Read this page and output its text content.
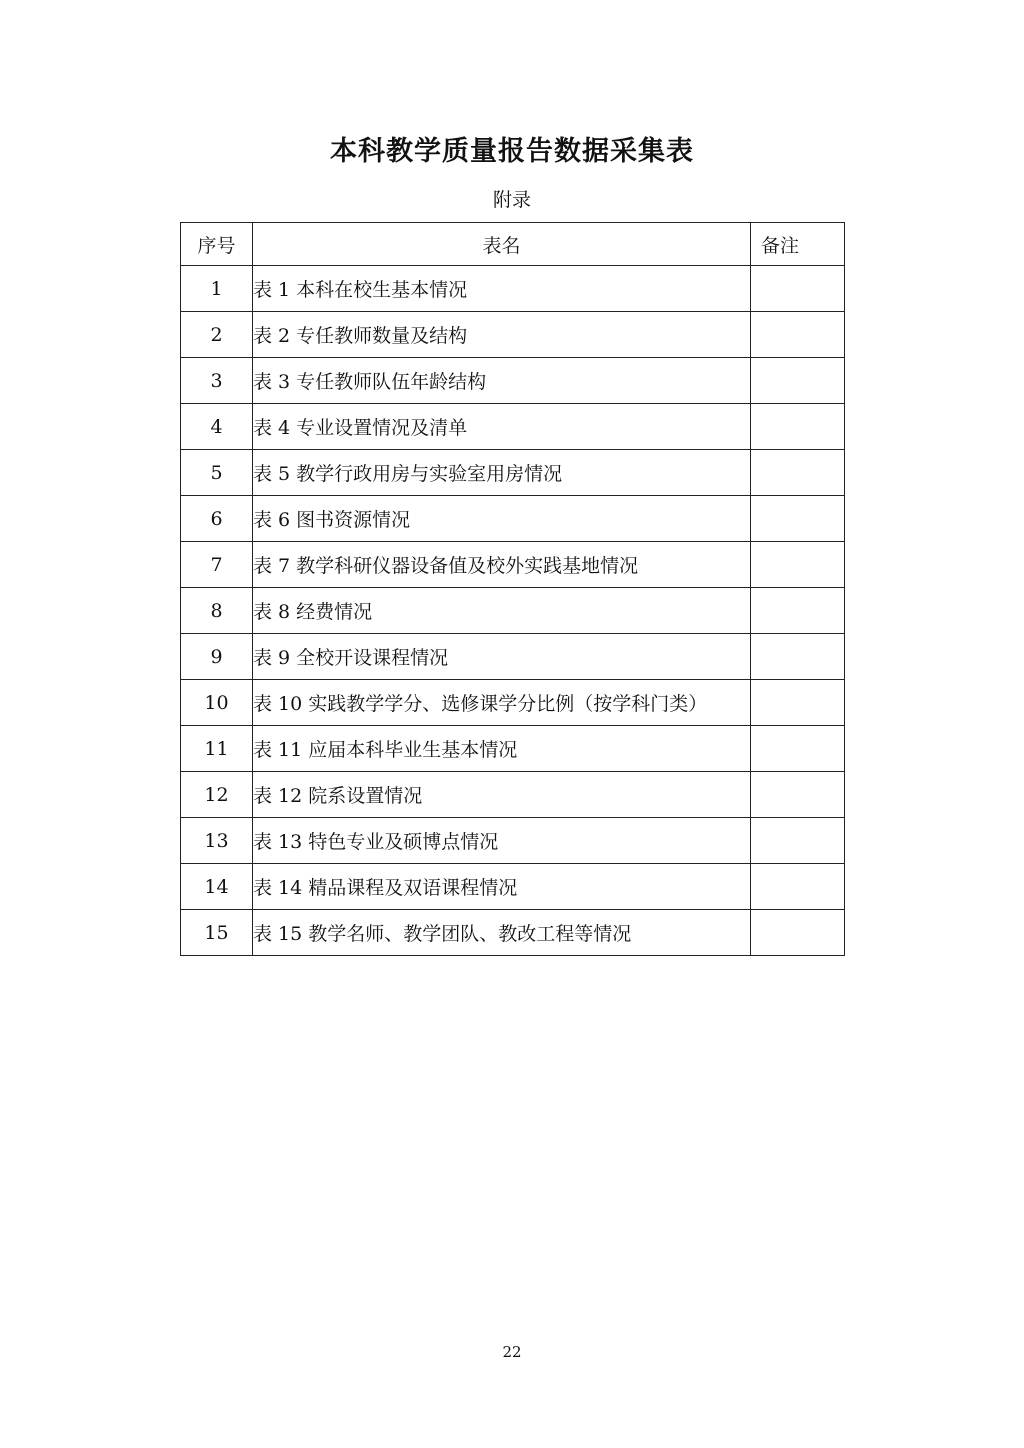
本科教学质量报告数据采集表
附录
序号	表名	备注
1	表 1 本科在校生基本情况	
2	表 2 专任教师数量及结构	
3	表 3 专任教师队伍年龄结构	
4	表 4 专业设置情况及清单	
5	表 5 教学行政用房与实验室用房情况	
6	表 6 图书资源情况	
7	表 7 教学科研仪器设备值及校外实践基地情况	
8	表 8 经费情况	
9	表 9 全校开设课程情况	
10	表 10 实践教学学分、选修课学分比例（按学科门类）	
11	表 11 应届本科毕业生基本情况	
12	表 12 院系设置情况	
13	表 13 特色专业及硕博点情况	
14	表 14 精品课程及双语课程情况	
15	表 15 教学名师、教学团队、教改工程等情况	
22
